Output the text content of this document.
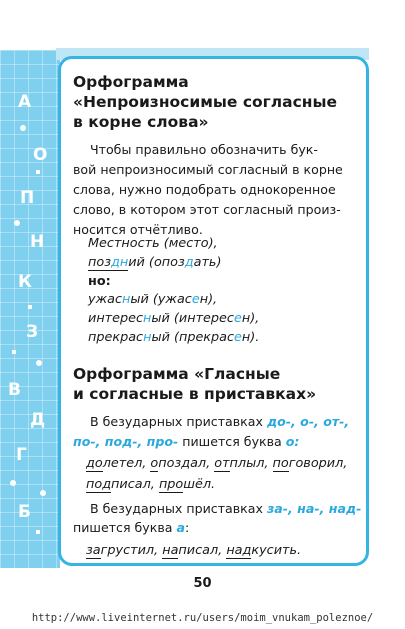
А
О
П
Н
К
З
В
Д
Г
Б
Орфограмма
«Непроизносимые согласные
в корне слова»
Чтобы правильно обозначить бук-
вой непроизносимый согласный в корне
слова, нужно подобрать однокоренное
слово, в котором этот согласный произ-
носится отчётливо.
Местность (место),
поздний (опоздать)
но:
ужасный (ужасен),
интересный (интересен),
прекрасный (прекрасен).
Орфограмма «Гласные
и согласные в приставках»
В безударных приставках до-, о-, от-,
по-, под-, про- пишется буква о:
долетел, опоздал, отплыл, поговорил,
подписал, прошёл.
В безударных приставках за-, на-, над-
пишется буква а:
загрустил, написал, надкусить.
50
http://www.liveinternet.ru/users/moim_vnukam_poleznoe/
